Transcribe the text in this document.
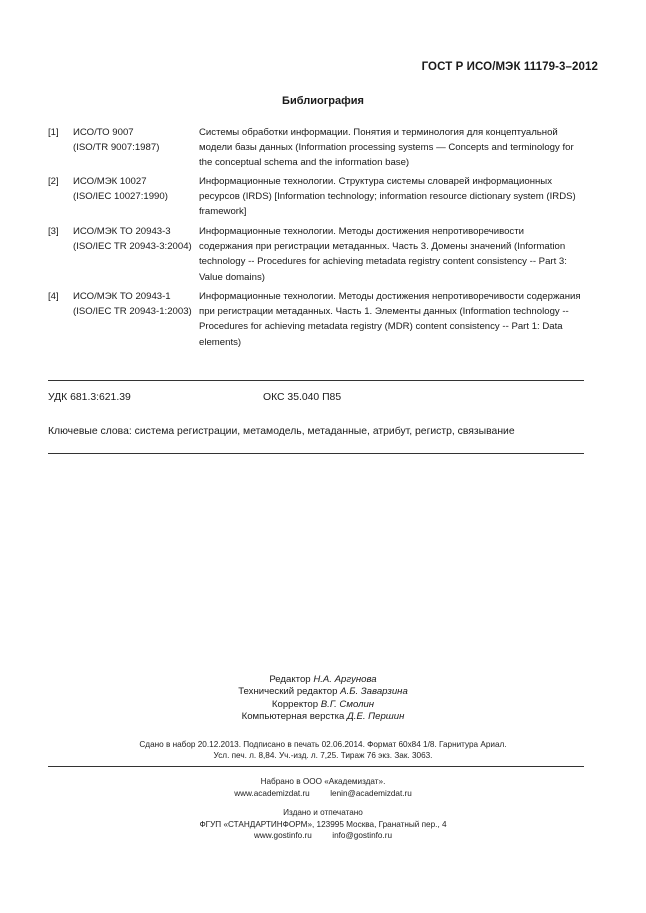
ГОСТ Р ИСО/МЭК 11179-3–2012
Библиография
[1] ИСО/ТО 9007
(ISO/TR 9007:1987)
Системы обработки информации. Понятия и терминология для концептуальной
модели базы данных (Information processing systems — Concepts and terminology for
the conceptual schema and the information base)
[2] ИСО/МЭК 10027
(ISO/IEC 10027:1990)
Информационные технологии. Структура системы словарей информационных
ресурсов (IRDS) [Information technology; information resource dictionary system (IRDS)
framework]
[3] ИСО/МЭК ТО 20943-3
(ISO/IEC TR 20943-3:2004)
Информационные технологии. Методы достижения непротиворечивости
содержания при регистрации метаданных. Часть 3. Домены значений (Information
technology -- Procedures for achieving metadata registry content consistency -- Part 3:
Value domains)
[4] ИСО/МЭК ТО 20943-1
(ISO/IEC TR 20943-1:2003)
Информационные технологии. Методы достижения непротиворечивости содержания
при регистрации метаданных. Часть 1. Элементы данных (Information technology --
Procedures for achieving metadata registry (MDR) content consistency -- Part 1: Data
elements)
УДК 681.3:621.39	ОКС 35.040 П85
Ключевые слова: система регистрации, метамодель, метаданные, атрибут, регистр, связывание
Редактор Н.А. Аргунова
Технический редактор А.Б. Заварзина
Корректор В.Г. Смолин
Компьютерная верстка Д.Е. Першин
Сдано в набор 20.12.2013. Подписано в печать 02.06.2014. Формат 60х84 1/8. Гарнитура Ариал.
Усл. печ. л. 8,84. Уч.-изд. л. 7,25. Тираж 76 экз. Зак. 3063.
Набрано в ООО «Академиздат».
www.academizdat.ru lenin@academizdat.ru
Издано и отпечатано
ФГУП «СТАНДАРТИНФОРМ», 123995 Москва, Гранатный пер., 4
www.gostinfo.ru info@gostinfo.ru
